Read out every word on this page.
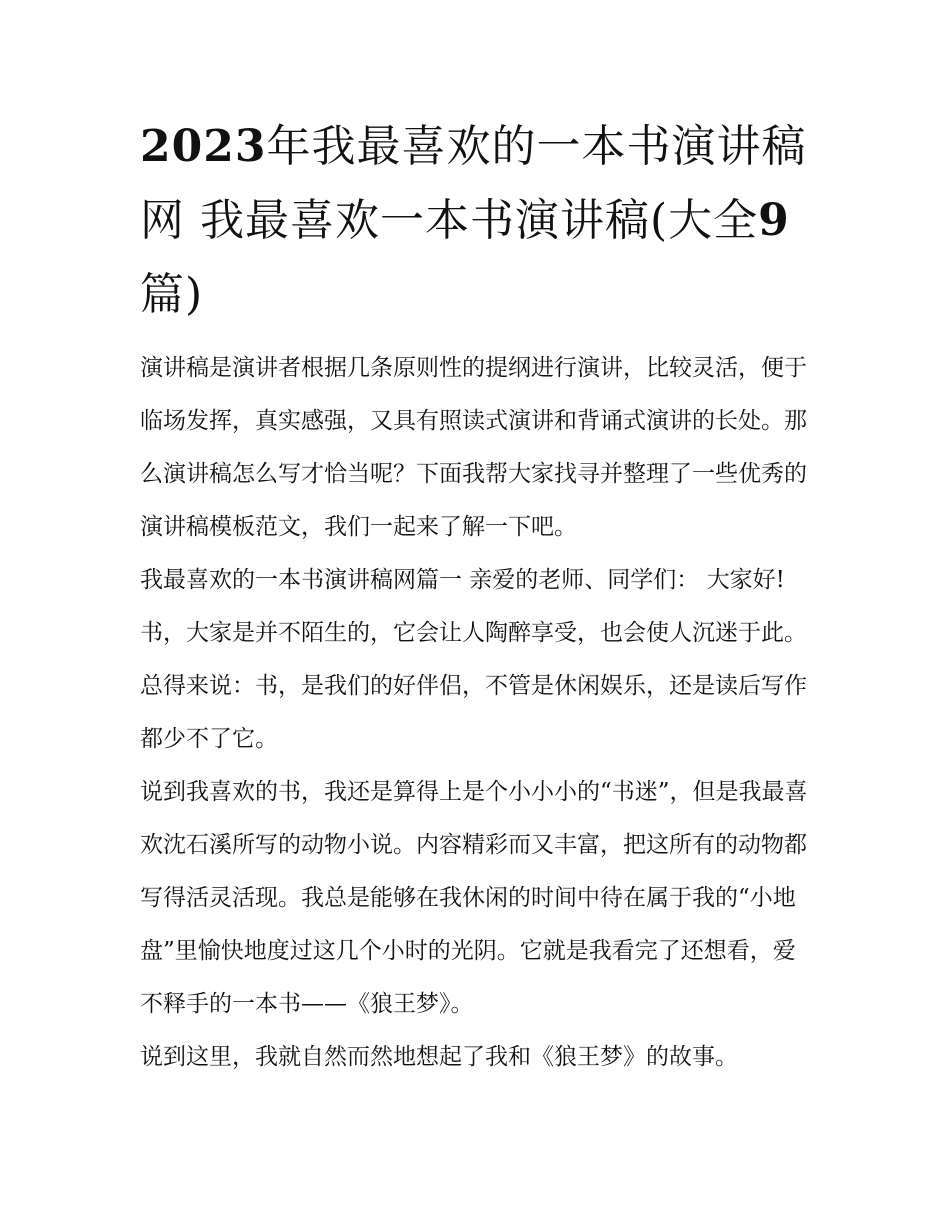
2023年我最喜欢的一本书演讲稿网 我最喜欢一本书演讲稿(大全9篇)

演讲稿是演讲者根据几条原则性的提纲进行演讲，比较灵活，便于临场发挥，真实感强，又具有照读式演讲和背诵式演讲的长处。那么演讲稿怎么写才恰当呢？下面我帮大家找寻并整理了一些优秀的演讲稿模板范文，我们一起来了解一下吧。

我最喜欢的一本书演讲稿网篇一 亲爱的老师、同学们： 大家好!

书，大家是并不陌生的，它会让人陶醉享受，也会使人沉迷于此。总得来说：书，是我们的好伴侣，不管是休闲娱乐，还是读后写作都少不了它。

说到我喜欢的书，我还是算得上是个小小小的“书迷”，但是我最喜欢沈石溪所写的动物小说。内容精彩而又丰富，把这所有的动物都写得活灵活现。我总是能够在我休闲的时间中待在属于我的“小地盘”里愉快地度过这几个小时的光阴。它就是我看完了还想看，爱不释手的一本书——《狼王梦》。

说到这里，我就自然而然地想起了我和《狼王梦》的故事。
